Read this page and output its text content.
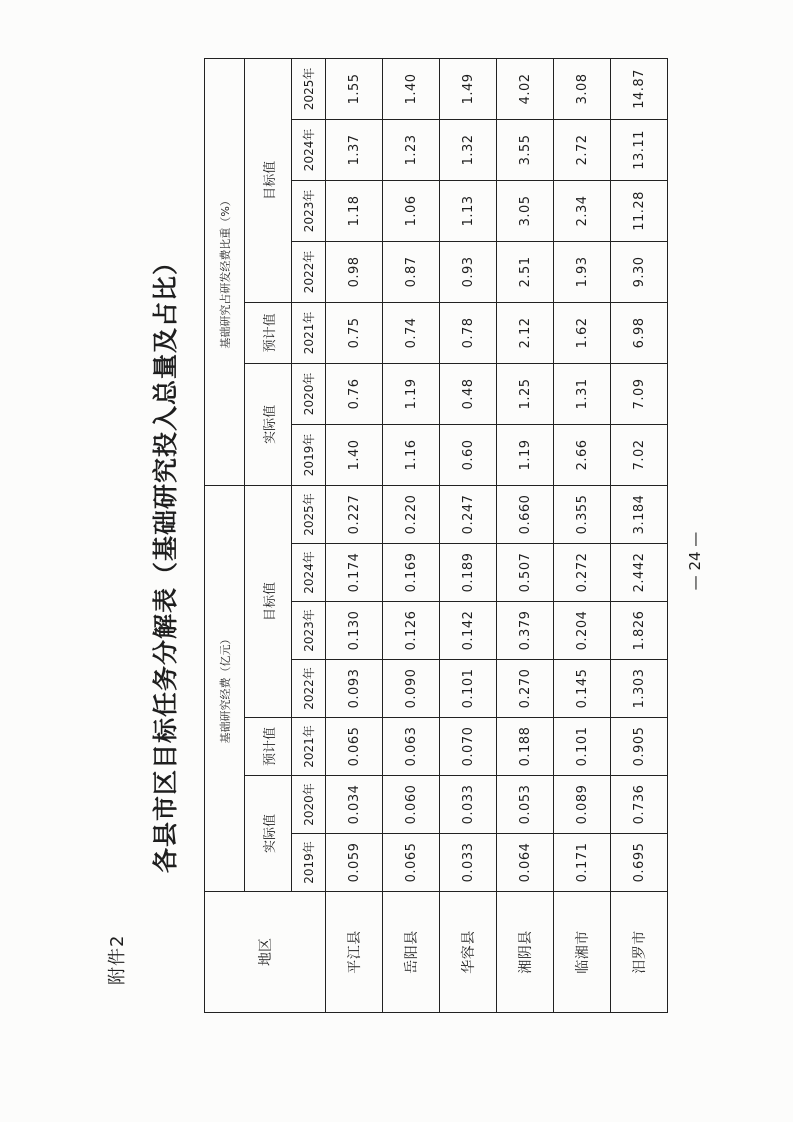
附件2
各县市区目标任务分解表（基础研究投入总量及占比）
地区	基础研究经费（亿元）							基础研究占研发经费比重（%）						
	实际值		预计值	目标值				实际值		预计值	目标值			
	2019年	2020年	2021年	2022年	2023年	2024年	2025年	2019年	2020年	2021年	2022年	2023年	2024年	2025年
平江县	0.059	0.034	0.065	0.093	0.130	0.174	0.227	1.40	0.76	0.75	0.98	1.18	1.37	1.55
岳阳县	0.065	0.060	0.063	0.090	0.126	0.169	0.220	1.16	1.19	0.74	0.87	1.06	1.23	1.40
华容县	0.033	0.033	0.070	0.101	0.142	0.189	0.247	0.60	0.48	0.78	0.93	1.13	1.32	1.49
湘阴县	0.064	0.053	0.188	0.270	0.379	0.507	0.660	1.19	1.25	2.12	2.51	3.05	3.55	4.02
临湘市	0.171	0.089	0.101	0.145	0.204	0.272	0.355	2.66	1.31	1.62	1.93	2.34	2.72	3.08
汨罗市	0.695	0.736	0.905	1.303	1.826	2.442	3.184	7.02	7.09	6.98	9.30	11.28	13.11	14.87
— 24 —
